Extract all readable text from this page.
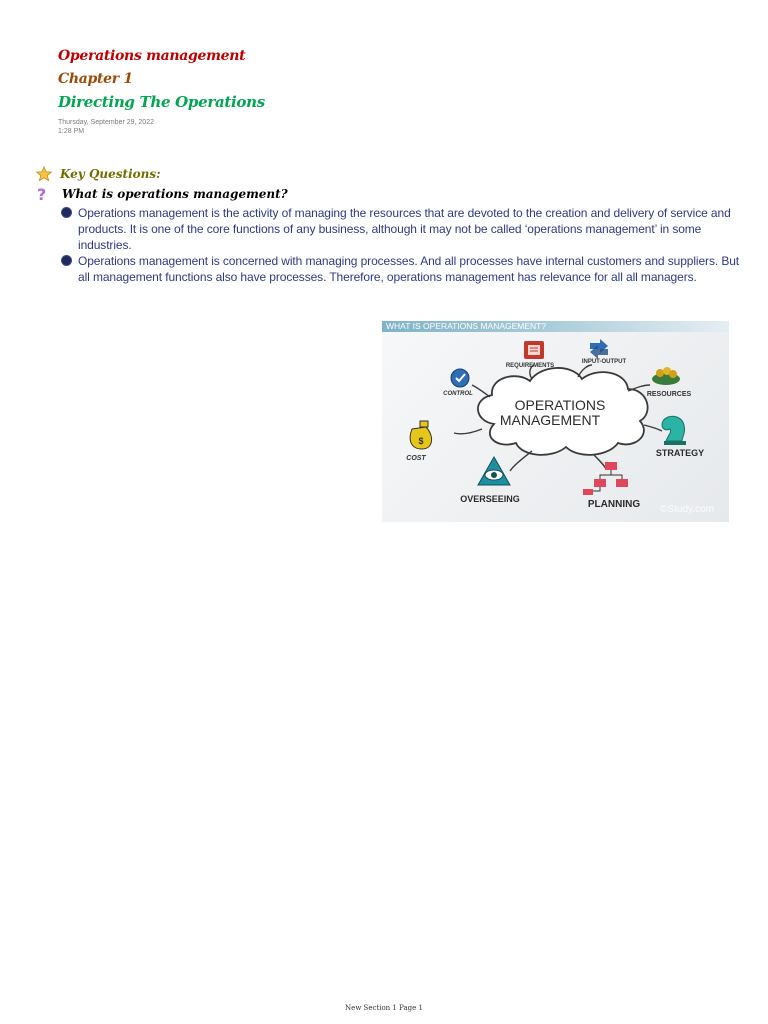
Operations management
Chapter 1
Directing The Operations
Thursday, September 29, 2022
1:28 PM
Key Questions:
? What is operations management?
Operations management is the activity of managing the resources that are devoted to the creation and delivery of service and products. It is one of the core functions of any business, although it may not be called ‘operations management’ in some industries.
Operations management is concerned with managing processes. And all processes have internal customers and suppliers. But all management functions also have processes. Therefore, operations management has relevance for all all managers.
WHAT IS OPERATIONS MANAGEMENT?
OPERATIONS
MANAGEMENT
REQUIREMENTS
INPUT-OUTPUT
CONTROL	RESOURCES
$
COST
STRATEGY
OVERSEEING	PLANNING ©Study.com
New Section 1 Page 1
